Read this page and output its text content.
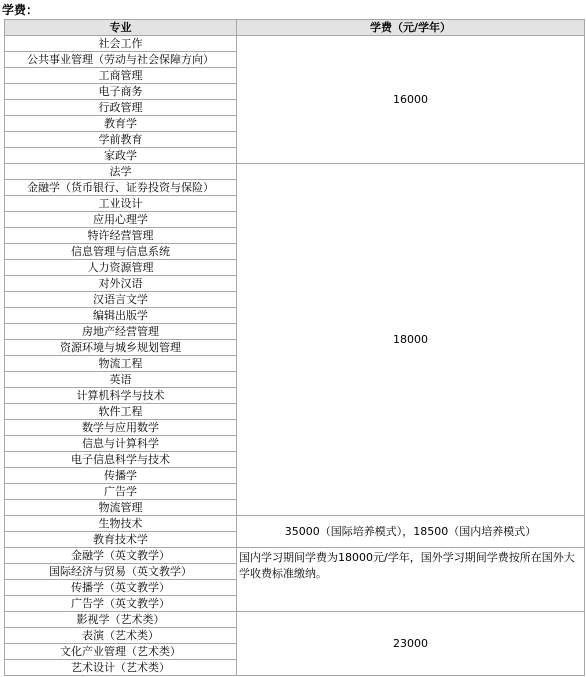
学费：
专业	学费（元/学年）
社会工作	16000
公共事业管理（劳动与社会保障方向）	
工商管理	
电子商务	
行政管理	
教育学	
学前教育	
家政学	
法学	18000
金融学（货币银行、证券投资与保险）	
工业设计	
应用心理学	
特许经营管理	
信息管理与信息系统	
人力资源管理	
对外汉语	
汉语言文学	
编辑出版学	
房地产经营管理	
资源环境与城乡规划管理	
物流工程	
英语	
计算机科学与技术	
软件工程	
数学与应用数学	
信息与计算科学	
电子信息科学与技术	
传播学	
广告学	
物流管理	
生物技术	35000（国际培养模式），18500（国内培养模式）
教育技术学	
金融学（英文教学）	国内学习期间学费为18000元/学年，国外学习期间学费按所在国外大学收费标准缴纳。
国际经济与贸易（英文教学）	
传播学（英文教学）	
广告学（英文教学）	
影视学（艺术类）	23000
表演（艺术类）	
文化产业管理（艺术类）	
艺术设计（艺术类）	
